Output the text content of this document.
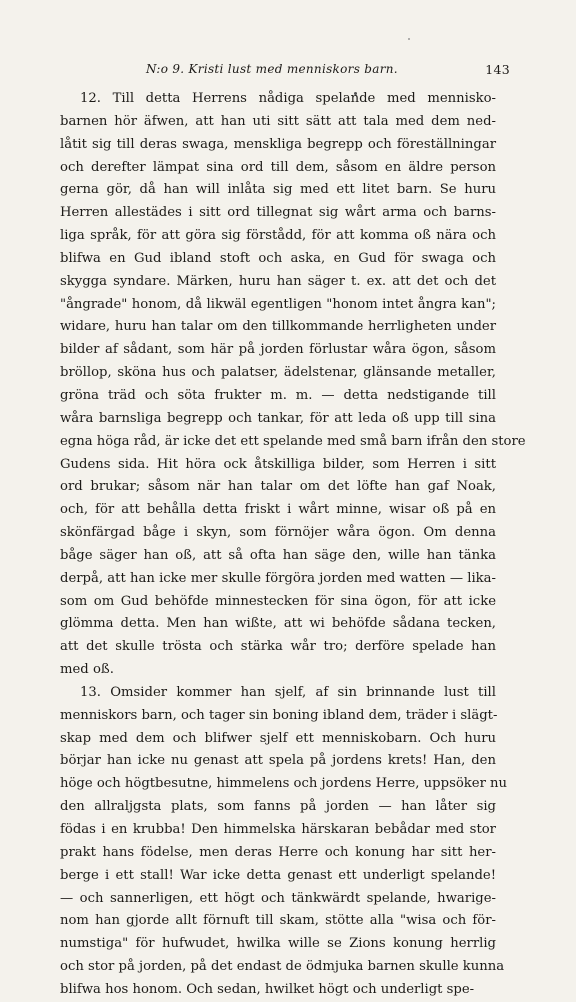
N:o 9. Kristi lust med menniskors barn.	143

12. Till detta Herrens nådiga spelande med mennisko-
barnen hör äfwen, att han uti sitt sätt att tala med dem ned-
låtit sig till deras swaga, menskliga begrepp och föreställningar
och derefter lämpat sina ord till dem, såsom en äldre person
gerna gör, då han will inlåta sig med ett litet barn. Se huru
Herren allestädes i sitt ord tillegnat sig wårt arma och barns-
liga språk, för att göra sig förstådd, för att komma oß nära och
blifwa en Gud ibland stoft och aska, en Gud för swaga och
skygga syndare. Märken, huru han säger t. ex. att det och det
"ångrade" honom, då likwäl egentligen "honom intet ångra kan";
widare, huru han talar om den tillkommande herrligheten under
bilder af sådant, som här på jorden förlustar wåra ögon, såsom
bröllop, sköna hus och palatser, ädelstenar, glänsande metaller,
gröna träd och söta frukter m. m. — detta nedstigande till
wåra barnsliga begrepp och tankar, för att leda oß upp till sina
egna höga råd, är icke det ett spelande med små barn ifrån den store
Gudens sida. Hit höra ock åtskilliga bilder, som Herren i sitt
ord brukar; såsom när han talar om det löfte han gaf Noak,
och, för att behålla detta friskt i wårt minne, wisar oß på en
skönfärgad båge i skyn, som förnöjer wåra ögon. Om denna
båge säger han oß, att så ofta han säge den, wille han tänka
derpå, att han icke mer skulle förgöra jorden med watten — lika-
som om Gud behöfde minnestecken för sina ögon, för att icke
glömma detta. Men han wißte, att wi behöfde sådana tecken,
att det skulle trösta och stärka wår tro; derföre spelade han
med oß.

13. Omsider kommer han sjelf, af sin brinnande lust till
menniskors barn, och tager sin boning ibland dem, träder i slägt-
skap med dem och blifwer sjelf ett menniskobarn. Och huru
börjar han icke nu genast att spela på jordens krets! Han, den
höge och högtbesutne, himmelens och jordens Herre, uppsöker nu
den allraljgsta plats, som fanns på jorden — han låter sig
födas i en krubba! Den himmelska härskaran bebådar med stor
prakt hans födelse, men deras Herre och konung har sitt her-
berge i ett stall! War icke detta genast ett underligt spelande!
— och sannerligen, ett högt och tänkwärdt spelande, hwarige-
nom han gjorde allt förnuft till skam, stötte alla "wisa och för-
numstiga" för hufwudet, hwilka wille se Zions konung herrlig
och stor på jorden, på det endast de ödmjuka barnen skulle kunna
blifwa hos honom. Och sedan, hwilket högt och underligt spe-
